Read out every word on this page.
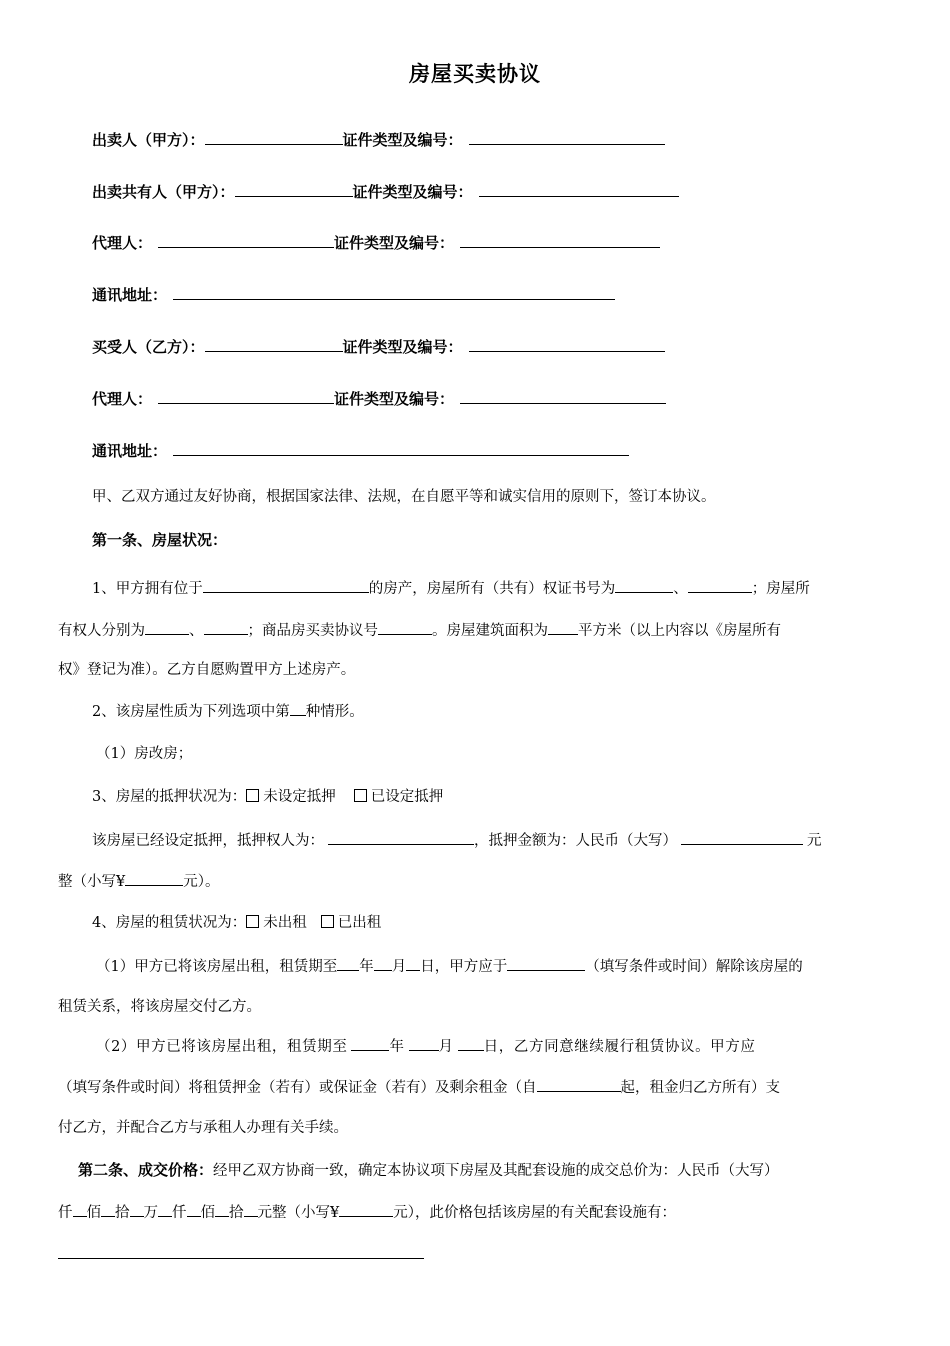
房屋买卖协议
出卖人（甲方）：	证件类型及编号：
出卖共有人（甲方）：	证件类型及编号：
代理人：	证件类型及编号：
通讯地址：
买受人（乙方）：	证件类型及编号：
代理人：	证件类型及编号：
通讯地址：
甲、乙双方通过友好协商，根据国家法律、法规，在自愿平等和诚实信用的原则下，签订本协议。
第一条、房屋状况：
1、甲方拥有位于	的房产，房屋所有（共有）权证书号为	、	；房屋所
有权人分别为	、	；商品房买卖协议号	。房屋建筑面积为 平方米（以上内容以《房屋所有
权》登记为准）。乙方自愿购置甲方上述房产。
2、该房屋性质为下列选项中第 种情形。
（1）房改房；
3、房屋的抵押状况为： 未设定抵押 已设定抵押
该房屋已经设定抵押，抵押权人为：	，抵押金额为：人民币（大写）	元
整（小写¥	元）。
4、房屋的租赁状况为： 未出租 已出租
（1）甲方已将该房屋出租，租赁期至 年 月 日，甲方应于	（填写条件或时间）解除该房屋的
租赁关系，将该房屋交付乙方。
（2）甲方已将该房屋出租，租赁期至	年 月 日，乙方同意继续履行租赁协议。甲方应
（填写条件或时间）将租赁押金（若有）或保证金（若有）及剩余租金（自	起，租金归乙方所有）支
付乙方，并配合乙方与承租人办理有关手续。
第二条、成交价格：经甲乙双方协商一致，确定本协议项下房屋及其配套设施的成交总价为：人民币（大写）
仟 佰 拾 万 仟 佰 拾 元整（小写¥	元），此价格包括该房屋的有关配套设施有：
